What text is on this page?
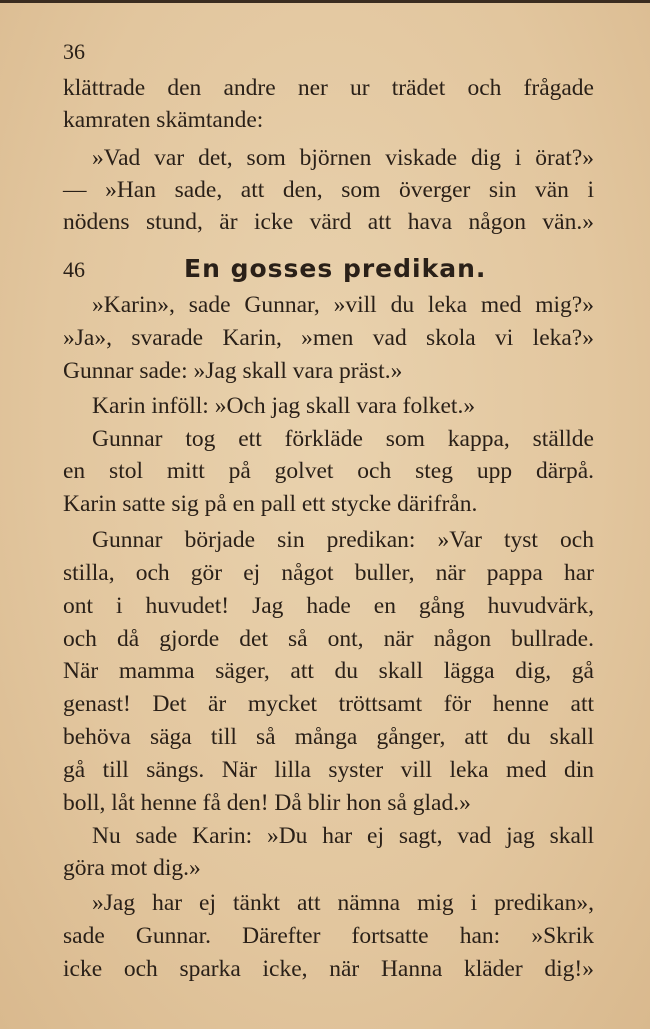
36
klättrade den andre ner ur trädet och frågade
kamraten skämtande:
»Vad var det, som björnen viskade dig i örat?»
— »Han sade, att den, som överger sin vän i
nödens stund, är icke värd att hava någon vän.»
46	En gosses predikan.
»Karin», sade Gunnar, »vill du leka med mig?»
»Ja», svarade Karin, »men vad skola vi leka?»
Gunnar sade: »Jag skall vara präst.»
Karin inföll: »Och jag skall vara folket.»
Gunnar tog ett förkläde som kappa, ställde
en stol mitt på golvet och steg upp därpå.
Karin satte sig på en pall ett stycke därifrån.
Gunnar började sin predikan: »Var tyst och
stilla, och gör ej något buller, när pappa har
ont i huvudet! Jag hade en gång huvudvärk,
och då gjorde det så ont, när någon bullrade.
När mamma säger, att du skall lägga dig, gå
genast! Det är mycket tröttsamt för henne att
behöva säga till så många gånger, att du skall
gå till sängs. När lilla syster vill leka med din
boll, låt henne få den! Då blir hon så glad.»
Nu sade Karin: »Du har ej sagt, vad jag skall
göra mot dig.»
»Jag har ej tänkt att nämna mig i predikan»,
sade Gunnar. Därefter fortsatte han: »Skrik
icke och sparka icke, när Hanna kläder dig!»
